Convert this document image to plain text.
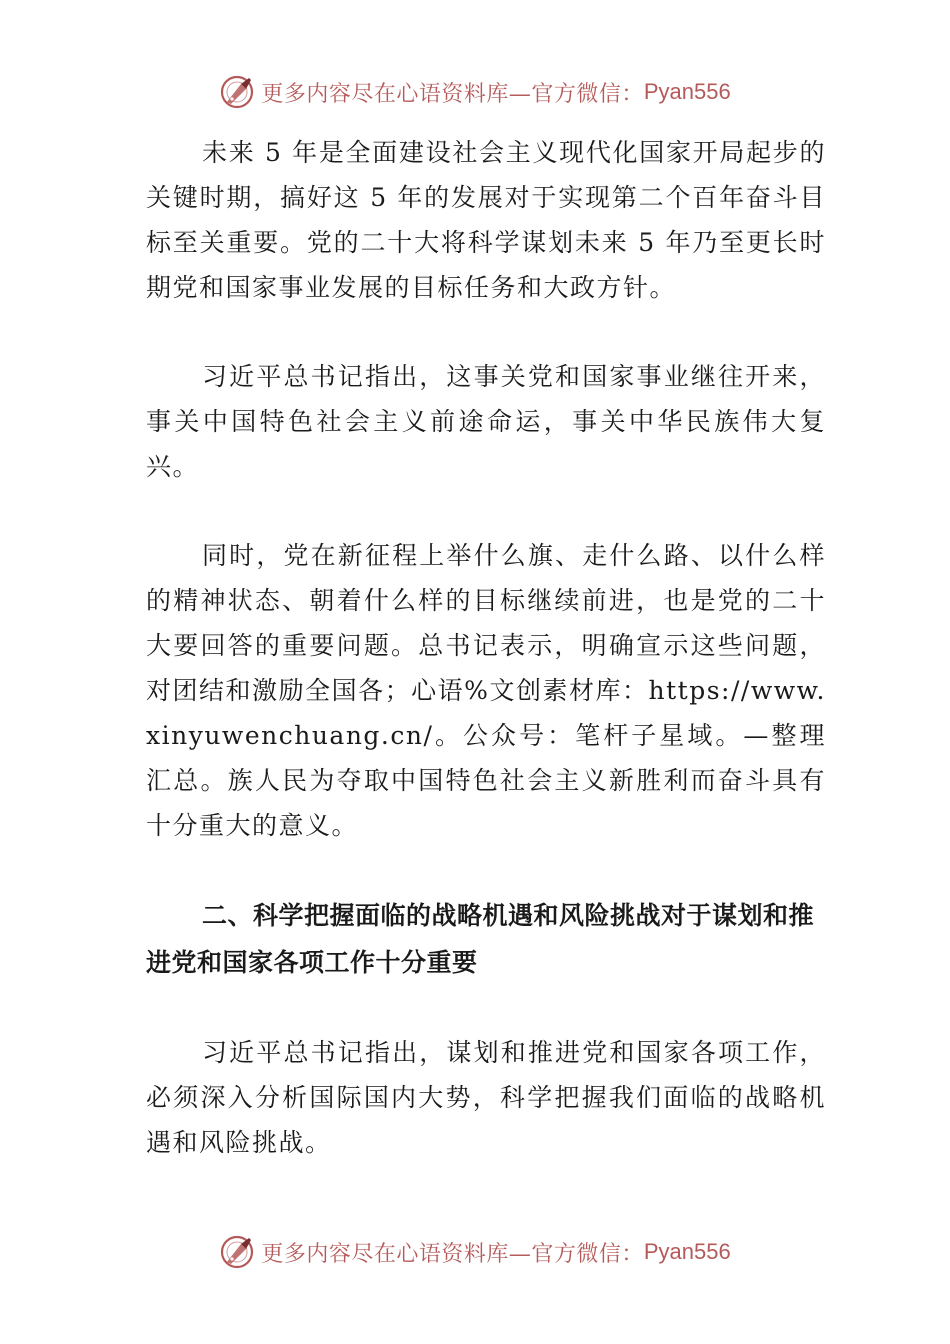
更多内容尽在心语资料库—官方微信： Pyan556

未来 5 年是全面建设社会主义现代化国家开局起步的关键时期，搞好这 5 年的发展对于实现第二个百年奋斗目标至关重要。党的二十大将科学谋划未来 5 年乃至更长时期党和国家事业发展的目标任务和大政方针。

习近平总书记指出，这事关党和国家事业继往开来，事关中国特色社会主义前途命运，事关中华民族伟大复兴。

同时，党在新征程上举什么旗、走什么路、以什么样的精神状态、朝着什么样的目标继续前进，也是党的二十大要回答的重要问题。总书记表示，明确宣示这些问题，对团结和激励全国各；心语%文创素材库：https://www.xinyuwenchuang.cn/。公众号：笔杆子星域。—整理汇总。族人民为夺取中国特色社会主义新胜利而奋斗具有十分重大的意义。

二、科学把握面临的战略机遇和风险挑战对于谋划和推进党和国家各项工作十分重要

习近平总书记指出，谋划和推进党和国家各项工作，必须深入分析国际国内大势，科学把握我们面临的战略机遇和风险挑战。

更多内容尽在心语资料库—官方微信： Pyan556
